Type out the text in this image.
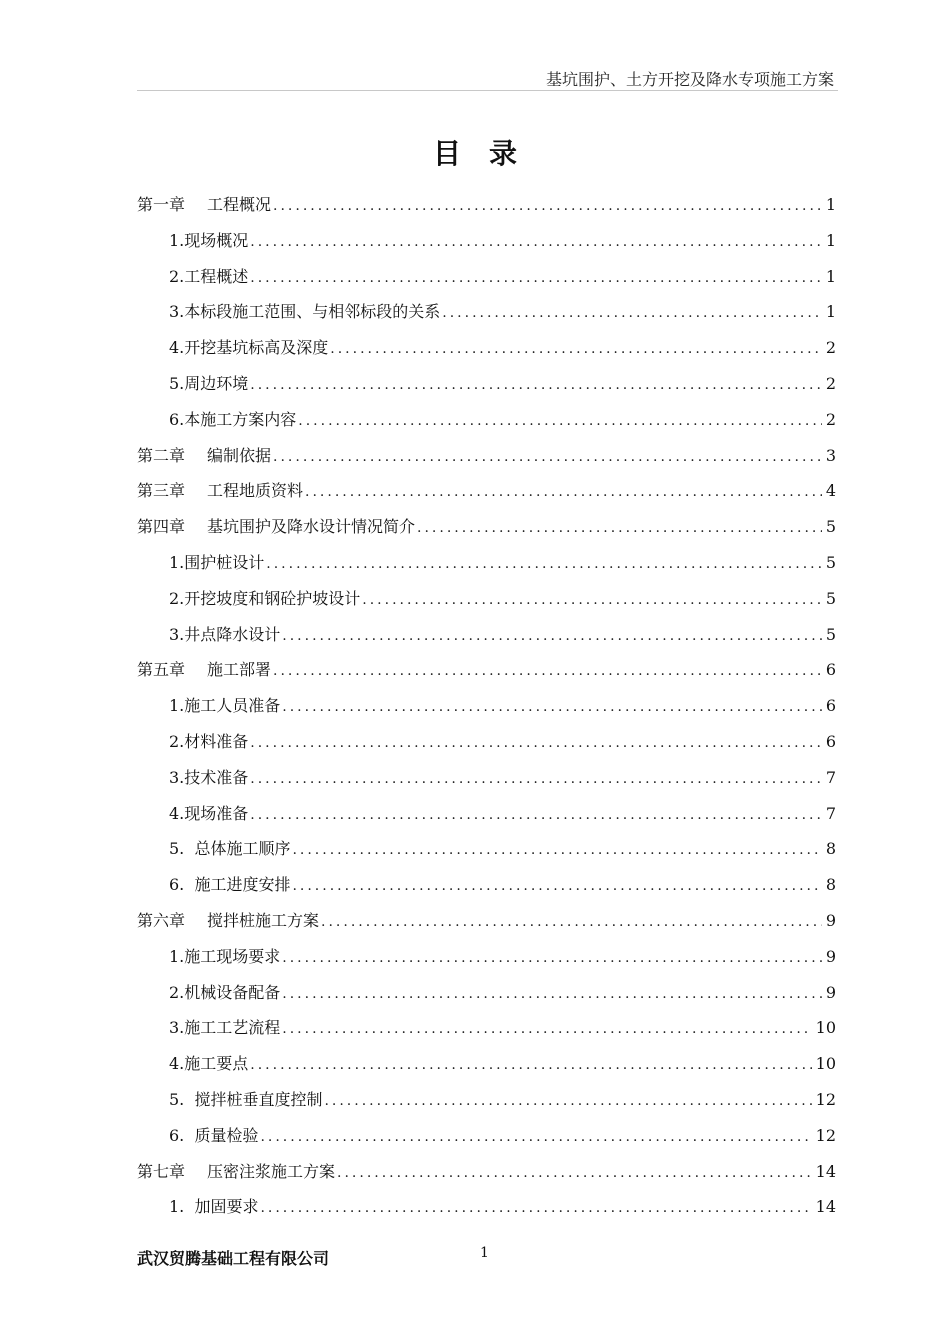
基坑围护、土方开挖及降水专项施工方案
目录
第一章 工程概况 .....	1
1.现场概况 .....	1
2.工程概述 .....	1
3.本标段施工范围、与相邻标段的关系 .....	1
4.开挖基坑标高及深度 .....	2
5.周边环境 .....	2
6.本施工方案内容 .....	2
第二章 编制依据 .....	3
第三章 工程地质资料 .....	4
第四章 基坑围护及降水设计情况简介 .....	5
1.围护桩设计 .....	5
2.开挖坡度和钢砼护坡设计 .....	5
3.井点降水设计 .....	5
第五章 施工部署 .....	6
1.施工人员准备 .....	6
2.材料准备 .....	6
3.技术准备 .....	7
4.现场准备 .....	7
5.  总体施工顺序 .....	8
6.  施工进度安排 .....	8
第六章 搅拌桩施工方案 .....	9
1.施工现场要求 .....	9
2.机械设备配备 .....	9
3.施工工艺流程 .....	10
4.施工要点 .....	10
5.  搅拌桩垂直度控制 .....	12
6.  质量检验 .....	12
第七章 压密注浆施工方案 .....	14
1.  加固要求 .....	14
武汉贸腾基础工程有限公司	1
